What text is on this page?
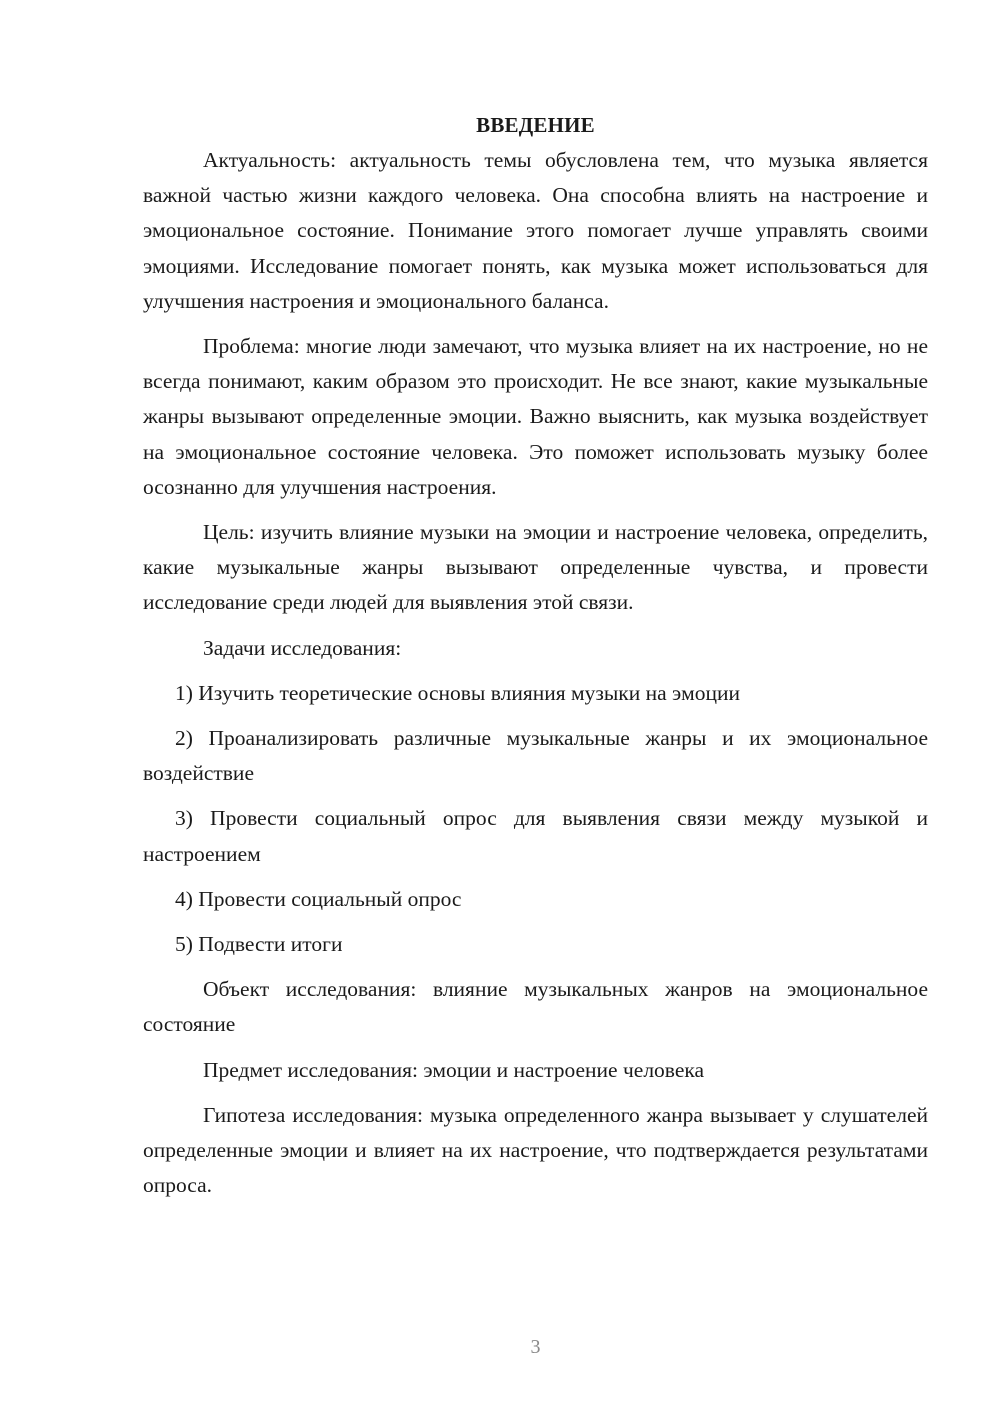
ВВЕДЕНИЕ

Актуальность: актуальность темы обусловлена тем, что музыка является важной частью жизни каждого человека. Она способна влиять на настроение и эмоциональное состояние. Понимание этого помогает лучше управлять своими эмоциями. Исследование помогает понять, как музыка может использоваться для улучшения настроения и эмоционального баланса.

Проблема: многие люди замечают, что музыка влияет на их настроение, но не всегда понимают, каким образом это происходит. Не все знают, какие музыкальные жанры вызывают определенные эмоции. Важно выяснить, как музыка воздействует на эмоциональное состояние человека. Это поможет использовать музыку более осознанно для улучшения настроения.

Цель: изучить влияние музыки на эмоции и настроение человека, определить, какие музыкальные жанры вызывают определенные чувства, и провести исследование среди людей для выявления этой связи.

Задачи исследования:

1) Изучить теоретические основы влияния музыки на эмоции

2) Проанализировать различные музыкальные жанры и их эмоциональное воздействие

3) Провести социальный опрос для выявления связи между музыкой и настроением

4) Провести социальный опрос

5) Подвести итоги

Объект исследования: влияние музыкальных жанров на эмоциональное состояние

Предмет исследования: эмоции и настроение человека

Гипотеза исследования: музыка определенного жанра вызывает у слушателей определенные эмоции и влияет на их настроение, что подтверждается результатами опроса.

3
